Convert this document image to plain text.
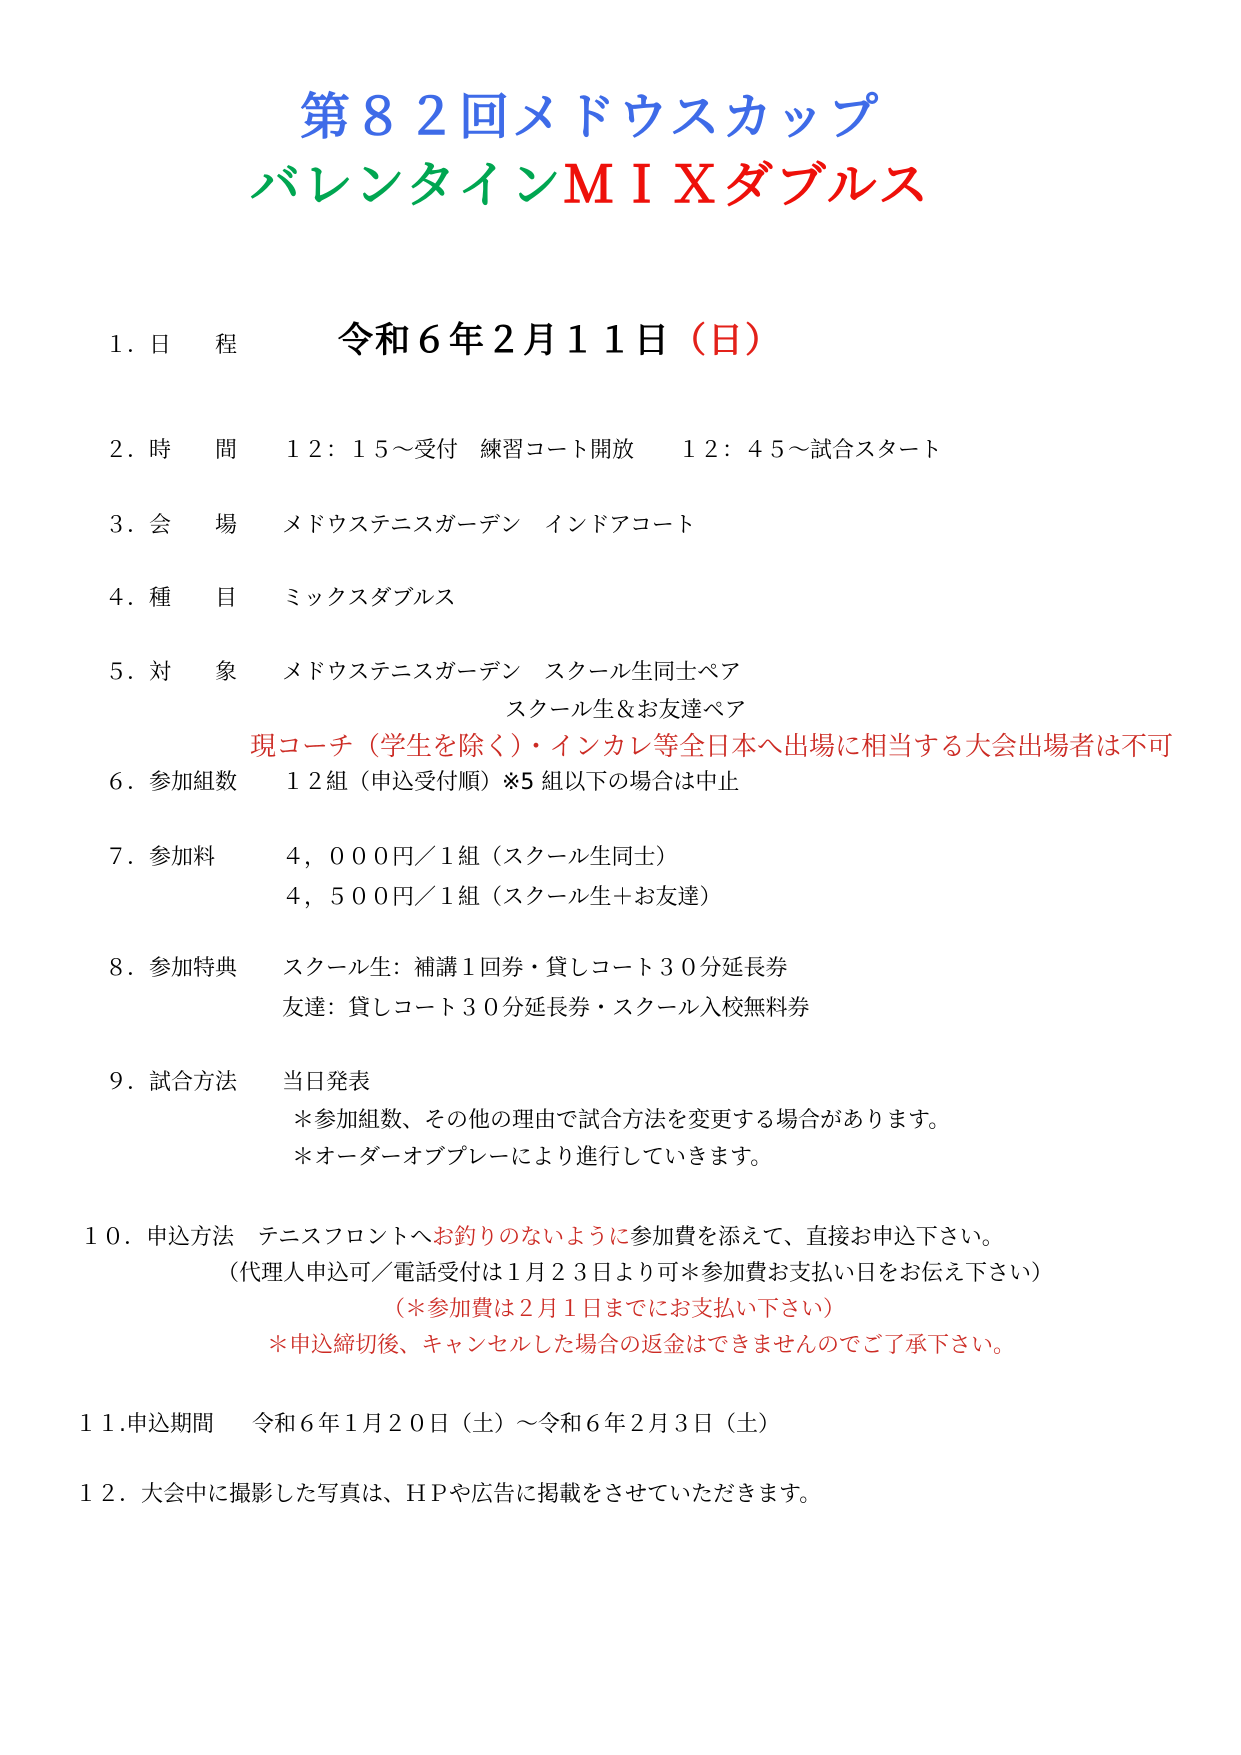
第８２回メドウスカップ
バレンタインＭＩＸダブルス
１．日　　程	令和６年２月１１日（日）
２．時　　間	１２：１５～受付　練習コート開放　　１２：４５～試合スタート
３．会　　場	メドウステニスガーデン　インドアコート
４．種　　目	ミックスダブルス
５．対　　象	メドウステニスガーデン　スクール生同士ペア
スクール生＆お友達ペア
現コーチ（学生を除く）・インカレ等全日本へ出場に相当する大会出場者は不可
６．参加組数	１２組（申込受付順）※5 組以下の場合は中止
７．参加料	４，０００円／１組（スクール生同士）
４，５００円／１組（スクール生＋お友達）
８．参加特典	スクール生：補講１回券・貸しコート３０分延長券
友達：貸しコート３０分延長券・スクール入校無料券
９．試合方法	当日発表
＊参加組数、その他の理由で試合方法を変更する場合があります。
＊オーダーオブプレーにより進行していきます。
１０．申込方法	テニスフロントへお釣りのないように参加費を添えて、直接お申込下さい。
（代理人申込可／電話受付は１月２３日より可＊参加費お支払い日をお伝え下さい）
（＊参加費は２月１日までにお支払い下さい）
＊申込締切後、キャンセルした場合の返金はできませんのでご了承下さい。
１１.申込期間	令和６年１月２０日（土）～令和６年２月３日（土）
１２．大会中に撮影した写真は、ＨＰや広告に掲載をさせていただきます。
